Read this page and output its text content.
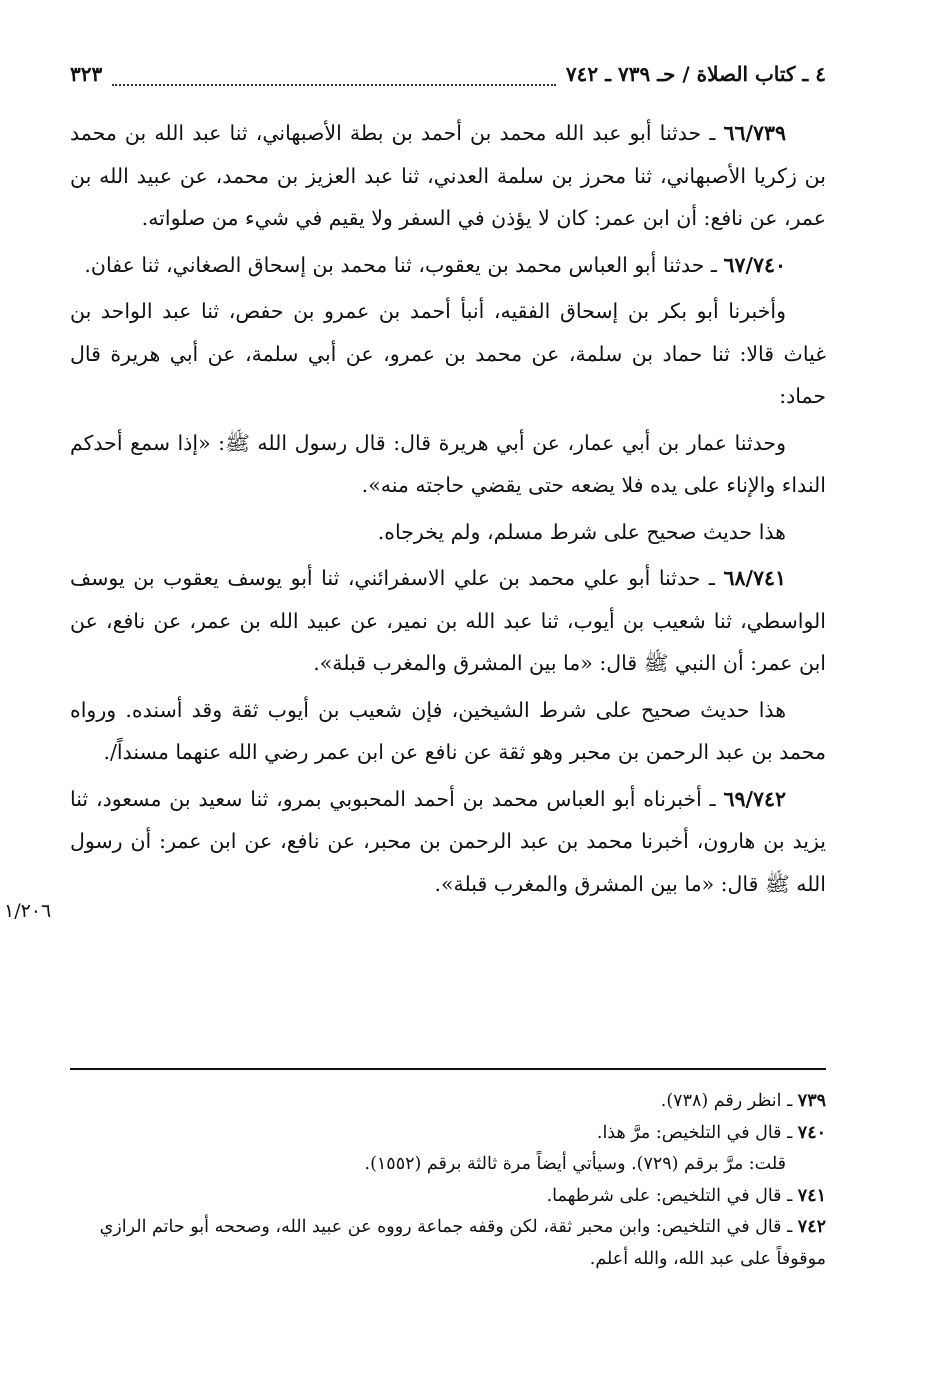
٤ ـ كتاب الصلاة / حـ ٧٣٩ ـ ٧٤٢
٣٢٣
١/٢٠٦

٦٦/٧٣٩ ـ حدثنا أبو عبد الله محمد بن أحمد بن بطة الأصبهاني، ثنا عبد الله بن محمد بن زكريا الأصبهاني، ثنا محرز بن سلمة العدني، ثنا عبد العزيز بن محمد، عن عبيد الله بن عمر، عن نافع: أن ابن عمر: كان لا يؤذن في السفر ولا يقيم في شيء من صلواته.

٦٧/٧٤٠ ـ حدثنا أبو العباس محمد بن يعقوب، ثنا محمد بن إسحاق الصغاني، ثنا عفان.

وأخبرنا أبو بكر بن إسحاق الفقيه، أنبأ أحمد بن عمرو بن حفص، ثنا عبد الواحد بن غياث قالا: ثنا حماد بن سلمة، عن محمد بن عمرو، عن أبي سلمة، عن أبي هريرة قال حماد:

وحدثنا عمار بن أبي عمار، عن أبي هريرة قال: قال رسول الله ﷺ: «إذا سمع أحدكم النداء والإناء على يده فلا يضعه حتى يقضي حاجته منه».

هذا حديث صحيح على شرط مسلم، ولم يخرجاه.

٦٨/٧٤١ ـ حدثنا أبو علي محمد بن علي الاسفرائني، ثنا أبو يوسف يعقوب بن يوسف الواسطي، ثنا شعيب بن أيوب، ثنا عبد الله بن نمير، عن عبيد الله بن عمر، عن نافع، عن ابن عمر: أن النبي ﷺ قال: «ما بين المشرق والمغرب قبلة».

هذا حديث صحيح على شرط الشيخين، فإن شعيب بن أيوب ثقة وقد أسنده. ورواه محمد بن عبد الرحمن بن محبر وهو ثقة عن نافع عن ابن عمر رضي الله عنهما مسنداً/.

٦٩/٧٤٢ ـ أخبرناه أبو العباس محمد بن أحمد المحبوبي بمرو، ثنا سعيد بن مسعود، ثنا يزيد بن هارون، أخبرنا محمد بن عبد الرحمن بن محبر، عن نافع، عن ابن عمر: أن رسول الله ﷺ قال: «ما بين المشرق والمغرب قبلة».

٧٣٩ ـ انظر رقم (٧٣٨).

٧٤٠ ـ قال في التلخيص: مرَّ هذا.

قلت: مرَّ برقم (٧٢٩). وسيأتي أيضاً مرة ثالثة برقم (١٥٥٢).

٧٤١ ـ قال في التلخيص: على شرطهما.

٧٤٢ ـ قال في التلخيص: وابن محبر ثقة، لكن وقفه جماعة رووه عن عبيد الله، وصححه أبو حاتم الرازي موقوفاً على عبد الله، والله أعلم.
